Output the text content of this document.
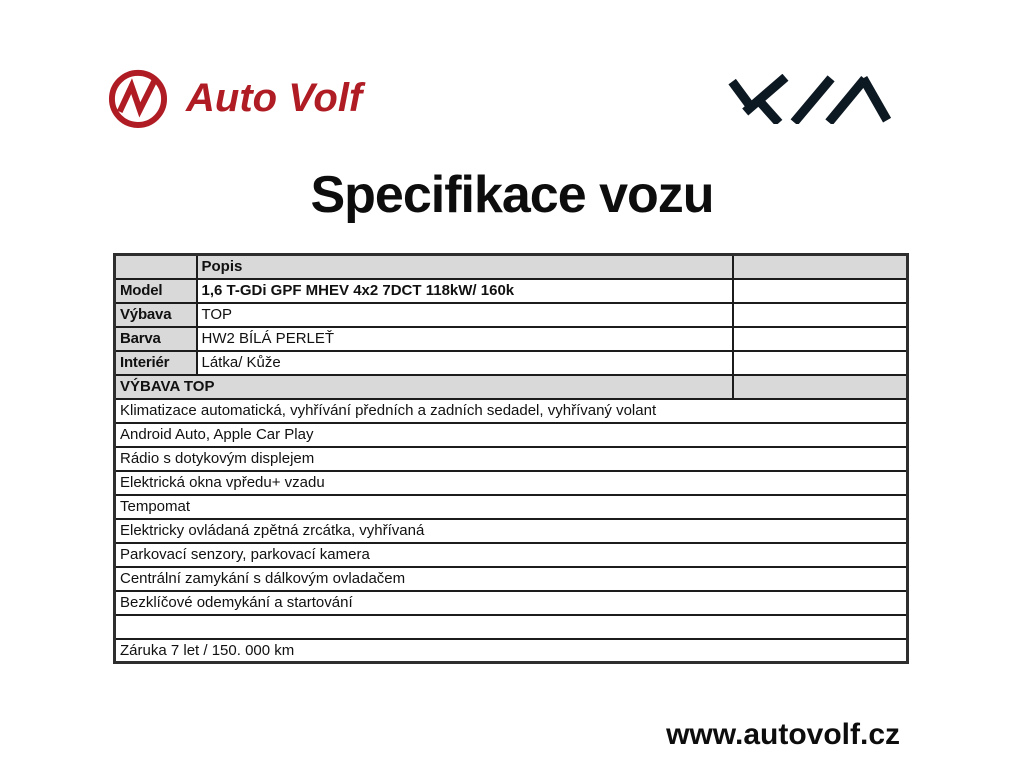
Auto Volf
Specifikace vozu
	Popis	
Model	1,6 T-GDi GPF MHEV 4x2 7DCT 118kW/ 160k	
Výbava	TOP	
Barva	HW2 BÍLÁ PERLEŤ	
Interiér	Látka/ Kůže	
VÝBAVA TOP		
Klimatizace automatická, vyhřívání předních a zadních sedadel, vyhřívaný volant		
Android Auto, Apple Car Play		
Rádio s dotykovým displejem		
Elektrická okna vpředu+ vzadu		
Tempomat		
Elektricky ovládaná zpětná zrcátka, vyhřívaná		
Parkovací senzory, parkovací kamera		
Centrální zamykání s dálkovým ovladačem		
Bezklíčové odemykání a startování		

Záruka 7 let / 150. 000 km		
www.autovolf.cz
